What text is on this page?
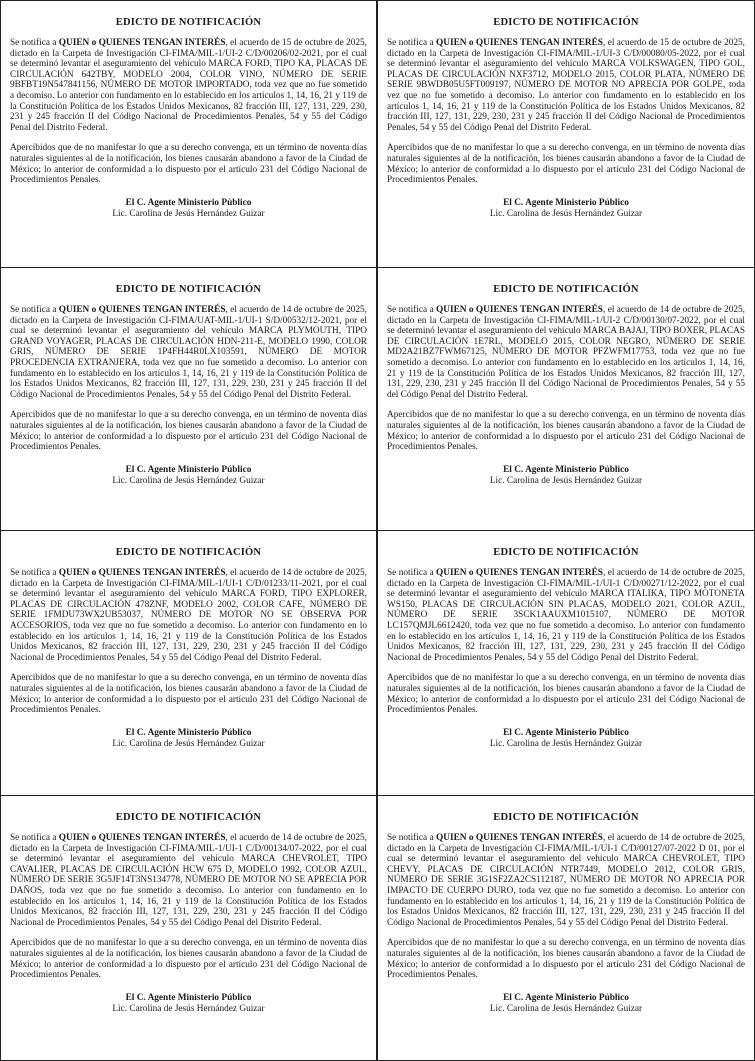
EDICTO DE NOTIFICACIÓN

Se notifica a QUIEN o QUIENES TENGAN INTERÉS, el acuerdo de 15 de octubre de 2025, dictado en la Carpeta de Investigación CI-FIMA/MIL-1/UI-2 C/D/00206/02-2021, por el cual se determinó levantar el aseguramiento del vehículo MARCA FORD, TIPO KA, PLACAS DE CIRCULACIÓN 642TBY, MODELO 2004, COLOR VINO, NÚMERO DE SERIE 9BFBT19N547841156, NÚMERO DE MOTOR IMPORTADO, toda vez que no fue sometido a decomiso. Lo anterior con fundamento en lo establecido en los artículos 1, 14, 16, 21 y 119 de la Constitución Política de los Estados Unidos Mexicanos, 82 fracción III, 127, 131, 229, 230, 231 y 245 fracción II del Código Nacional de Procedimientos Penales, 54 y 55 del Código Penal del Distrito Federal.

Apercibidos que de no manifestar lo que a su derecho convenga, en un término de noventa días naturales siguientes al de la notificación, los bienes causarán abandono a favor de la Ciudad de México; lo anterior de conformidad a lo dispuesto por el artículo 231 del Código Nacional de Procedimientos Penales.

El C. Agente Ministerio Público

Lic. Carolina de Jesús Hernández Guizar

EDICTO DE NOTIFICACIÓN

Se notifica a QUIEN o QUIENES TENGAN INTERÉS, el acuerdo de 15 de octubre de 2025, dictado en la Carpeta de Investigación CI-FIMA/MIL-1/UI-3 C/D/00080/05-2022, por el cual se determinó levantar el aseguramiento del vehículo MARCA VOLKSWAGEN, TIPO GOL, PLACAS DE CIRCULACIÓN NXF3712, MODELO 2015, COLOR PLATA, NÚMERO DE SERIE 9BWDB05U5FT009197, NÚMERO DE MOTOR NO APRECIA POR GOLPE, toda vez que no fue sometido a decomiso. Lo anterior con fundamento en lo establecido en los artículos 1, 14, 16, 21 y 119 de la Constitución Política de los Estados Unidos Mexicanos, 82 fracción III, 127, 131, 229, 230, 231 y 245 fracción II del Código Nacional de Procedimientos Penales, 54 y 55 del Código Penal del Distrito Federal.

Apercibidos que de no manifestar lo que a su derecho convenga, en un término de noventa días naturales siguientes al de la notificación, los bienes causarán abandono a favor de la Ciudad de México; lo anterior de conformidad a lo dispuesto por el artículo 231 del Código Nacional de Procedimientos Penales.

El C. Agente Ministerio Público

Lic. Carolina de Jesús Hernández Guizar

EDICTO DE NOTIFICACIÓN

Se notifica a QUIEN o QUIENES TENGAN INTERÉS, el acuerdo de 14 de octubre de 2025, dictado en la Carpeta de Investigación CI-FIMA/UAT-MIL-1/UI-1 S/D/00532/12-2021, por el cual se determinó levantar el aseguramiento del vehículo MARCA PLYMOUTH, TIPO GRAND VOYAGER, PLACAS DE CIRCULACIÓN HDN-211-E, MODELO 1990, COLOR GRIS, NÚMERO DE SERIE 1P4FH44R0LX103591, NÚMERO DE MOTOR PROCEDENCIA EXTRANJERA, toda vez que no fue sometido a decomiso. Lo anterior con fundamento en lo establecido en los artículos 1, 14, 16, 21 y 119 de la Constitución Política de los Estados Unidos Mexicanos, 82 fracción III, 127, 131, 229, 230, 231 y 245 fracción II del Código Nacional de Procedimientos Penales, 54 y 55 del Código Penal del Distrito Federal.

Apercibidos que de no manifestar lo que a su derecho convenga, en un término de noventa días naturales siguientes al de la notificación, los bienes causarán abandono a favor de la Ciudad de México; lo anterior de conformidad a lo dispuesto por el artículo 231 del Código Nacional de Procedimientos Penales.

El C. Agente Ministerio Público

Lic. Carolina de Jesús Hernández Guizar

EDICTO DE NOTIFICACIÓN

Se notifica a QUIEN o QUIENES TENGAN INTERÉS, el acuerdo de 14 de octubre de 2025, dictado en la Carpeta de Investigación CI-FIMA/MIL-1/UI-2 C/D/00130/07-2022, por el cual se determinó levantar el aseguramiento del vehículo MARCA BAJAJ, TIPO BOXER, PLACAS DE CIRCULACIÓN 1E7RL, MODELO 2015, COLOR NEGRO, NÚMERO DE SERIE MD2A21BZ7FWM67125, NÚMERO DE MOTOR PFZWFM17753, toda vez que no fue sometido a decomiso. Lo anterior con fundamento en lo establecido en los artículos 1, 14, 16, 21 y 119 de la Constitución Política de los Estados Unidos Mexicanos, 82 fracción III, 127, 131, 229, 230, 231 y 245 fracción II del Código Nacional de Procedimientos Penales, 54 y 55 del Código Penal del Distrito Federal.

Apercibidos que de no manifestar lo que a su derecho convenga, en un término de noventa días naturales siguientes al de la notificación, los bienes causarán abandono a favor de la Ciudad de México; lo anterior de conformidad a lo dispuesto por el artículo 231 del Código Nacional de Procedimientos Penales.

El C. Agente Ministerio Público

Lic. Carolina de Jesús Hernández Guizar

EDICTO DE NOTIFICACIÓN

Se notifica a QUIEN o QUIENES TENGAN INTERÉS, el acuerdo de 14 de octubre de 2025, dictado en la Carpeta de Investigación CI-FIMA/MIL-1/UI-1 C/D/01233/11-2021, por el cual se determinó levantar el aseguramiento del vehículo MARCA FORD, TIPO EXPLORER, PLACAS DE CIRCULACIÓN 478ZNF, MODELO 2002, COLOR CAFE, NÚMERO DE SERIE 1FMDU73WX2UB53037, NÚMERO DE MOTOR NO SE OBSERVA POR ACCESORIOS, toda vez que no fue sometido a decomiso. Lo anterior con fundamento en lo establecido en los artículos 1, 14, 16, 21 y 119 de la Constitución Política de los Estados Unidos Mexicanos, 82 fracción III, 127, 131, 229, 230, 231 y 245 fracción II del Código Nacional de Procedimientos Penales, 54 y 55 del Código Penal del Distrito Federal.

Apercibidos que de no manifestar lo que a su derecho convenga, en un término de noventa días naturales siguientes al de la notificación, los bienes causarán abandono a favor de la Ciudad de México; lo anterior de conformidad a lo dispuesto por el artículo 231 del Código Nacional de Procedimientos Penales.

El C. Agente Ministerio Público

Lic. Carolina de Jesús Hernández Guizar

EDICTO DE NOTIFICACIÓN

Se notifica a QUIEN o QUIENES TENGAN INTERÉS, el acuerdo de 14 de octubre de 2025, dictado en la Carpeta de Investigación CI-FIMA/MIL-1/UI-1 C/D/00271/12-2022, por el cual se determinó levantar el aseguramiento del vehículo MARCA ITALIKA, TIPO MOTONETA WS150, PLACAS DE CIRCULACIÓN SIN PLACAS, MODELO 2021, COLOR AZUL, NÚMERO DE SERIE 3SCK1AAUXM1015107, NÚMERO DE MOTOR LC157QMJL6612420, toda vez que no fue sometido a decomiso. Lo anterior con fundamento en lo establecido en los artículos 1, 14, 16, 21 y 119 de la Constitución Política de los Estados Unidos Mexicanos, 82 fracción III, 127, 131, 229, 230, 231 y 245 fracción II del Código Nacional de Procedimientos Penales, 54 y 55 del Código Penal del Distrito Federal.

Apercibidos que de no manifestar lo que a su derecho convenga, en un término de noventa días naturales siguientes al de la notificación, los bienes causarán abandono a favor de la Ciudad de México; lo anterior de conformidad a lo dispuesto por el artículo 231 del Código Nacional de Procedimientos Penales.

El C. Agente Ministerio Público

Lic. Carolina de Jesús Hernández Guizar

EDICTO DE NOTIFICACIÓN

Se notifica a QUIEN o QUIENES TENGAN INTERÉS, el acuerdo de 14 de octubre de 2025, dictado en la Carpeta de Investigación CI-FIMA/MIL-1/UI-1 C/D/00134/07-2022, por el cual se determinó levantar el aseguramiento del vehículo MARCA CHEVROLET, TIPO CAVALIER, PLACAS DE CIRCULACIÓN HCW 675 D, MODELO 1992, COLOR AZUL, NÚMERO DE SERIE 3G5JF14T3NS134778, NÚMERO DE MOTOR NO SE APRECIA POR DAÑOS, toda vez que no fue sometido a decomiso. Lo anterior con fundamento en lo establecido en los artículos 1, 14, 16, 21 y 119 de la Constitución Política de los Estados Unidos Mexicanos, 82 fracción III, 127, 131, 229, 230, 231 y 245 fracción II del Código Nacional de Procedimientos Penales, 54 y 55 del Código Penal del Distrito Federal.

Apercibidos que de no manifestar lo que a su derecho convenga, en un término de noventa días naturales siguientes al de la notificación, los bienes causarán abandono a favor de la Ciudad de México; lo anterior de conformidad a lo dispuesto por el artículo 231 del Código Nacional de Procedimientos Penales.

El C. Agente Ministerio Público

Lic. Carolina de Jesús Hernández Guizar

EDICTO DE NOTIFICACIÓN

Se notifica a QUIEN o QUIENES TENGAN INTERÉS, el acuerdo de 14 de octubre de 2025, dictado en la Carpeta de Investigación CI-FIMA/MIL-1/UI-1 C/D/00127/07-2022 D 01, por el cual se determinó levantar el aseguramiento del vehículo MARCA CHEVROLET, TIPO CHEVY, PLACAS DE CIRCULACIÓN NTR7449, MODELO 2012, COLOR GRIS, NÚMERO DE SERIE 3G1SF2ZA2CS112187, NÚMERO DE MOTOR NO APRECIA POR IMPACTO DE CUERPO DURO, toda vez que no fue sometido a decomiso. Lo anterior con fundamento en lo establecido en los artículos 1, 14, 16, 21 y 119 de la Constitución Política de los Estados Unidos Mexicanos, 82 fracción III, 127, 131, 229, 230, 231 y 245 fracción II del Código Nacional de Procedimientos Penales, 54 y 55 del Código Penal del Distrito Federal.

Apercibidos que de no manifestar lo que a su derecho convenga, en un término de noventa días naturales siguientes al de la notificación, los bienes causarán abandono a favor de la Ciudad de México; lo anterior de conformidad a lo dispuesto por el artículo 231 del Código Nacional de Procedimientos Penales.

El C. Agente Ministerio Público

Lic. Carolina de Jesús Hernández Guizar
